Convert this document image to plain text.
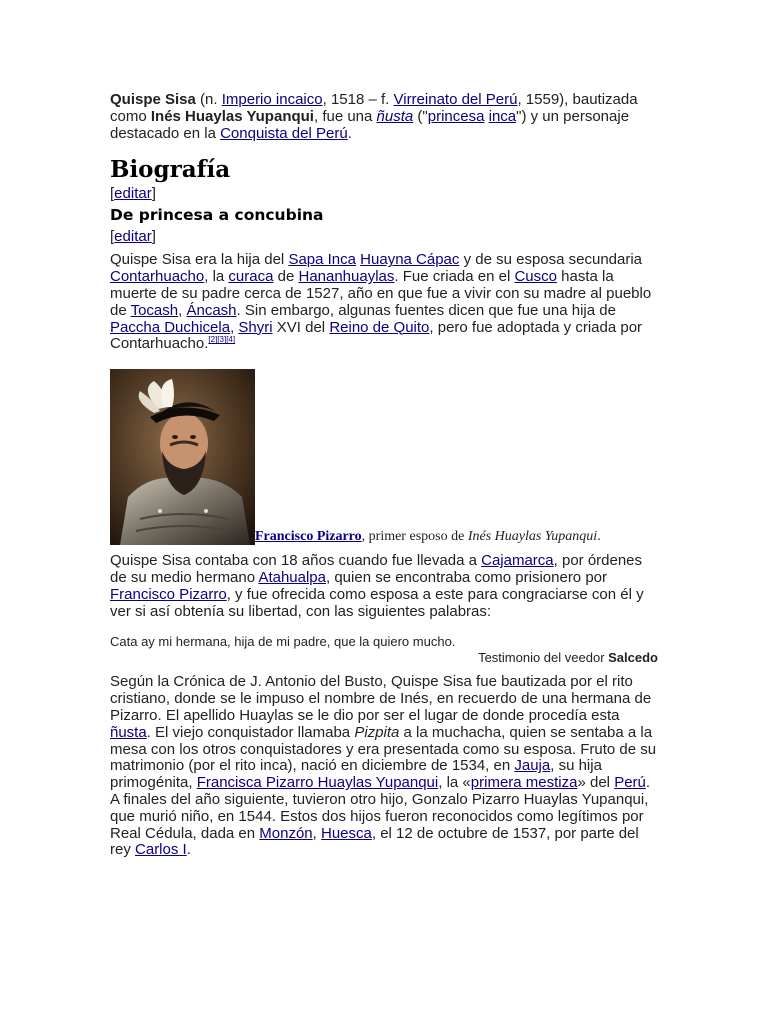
Quispe Sisa (n. Imperio incaico, 1518 – f. Virreinato del Perú, 1559), bautizada como Inés Huaylas Yupanqui, fue una ñusta ("princesa inca") y un personaje destacado en la Conquista del Perú.

Biografía
[editar]
De princesa a concubina
[editar]

Quispe Sisa era la hija del Sapa Inca Huayna Cápac y de su esposa secundaria Contarhuacho, la curaca de Hananhuaylas. Fue criada en el Cusco hasta la muerte de su padre cerca de 1527, año en que fue a vivir con su madre al pueblo de Tocash, Áncash. Sin embargo, algunas fuentes dicen que fue una hija de Paccha Duchicela, Shyri XVI del Reino de Quito, pero fue adoptada y criada por Contarhuacho.[2][3][4]

Francisco Pizarro, primer esposo de Inés Huaylas Yupanqui.

Quispe Sisa contaba con 18 años cuando fue llevada a Cajamarca, por órdenes de su medio hermano Atahualpa, quien se encontraba como prisionero por Francisco Pizarro, y fue ofrecida como esposa a este para congraciarse con él y ver si así obtenía su libertad, con las siguientes palabras:

Cata ay mi hermana, hija de mi padre, que la quiero mucho.
Testimonio del veedor Salcedo

Según la Crónica de J. Antonio del Busto, Quispe Sisa fue bautizada por el rito cristiano, donde se le impuso el nombre de Inés, en recuerdo de una hermana de Pizarro. El apellido Huaylas se le dio por ser el lugar de donde procedía esta ñusta. El viejo conquistador llamaba Pizpita a la muchacha, quien se sentaba a la mesa con los otros conquistadores y era presentada como su esposa. Fruto de su matrimonio (por el rito inca), nació en diciembre de 1534, en Jauja, su hija primogénita, Francisca Pizarro Huaylas Yupanqui, la «primera mestiza» del Perú. A finales del año siguiente, tuvieron otro hijo, Gonzalo Pizarro Huaylas Yupanqui, que murió niño, en 1544. Estos dos hijos fueron reconocidos como legítimos por Real Cédula, dada en Monzón, Huesca, el 12 de octubre de 1537, por parte del rey Carlos I.
